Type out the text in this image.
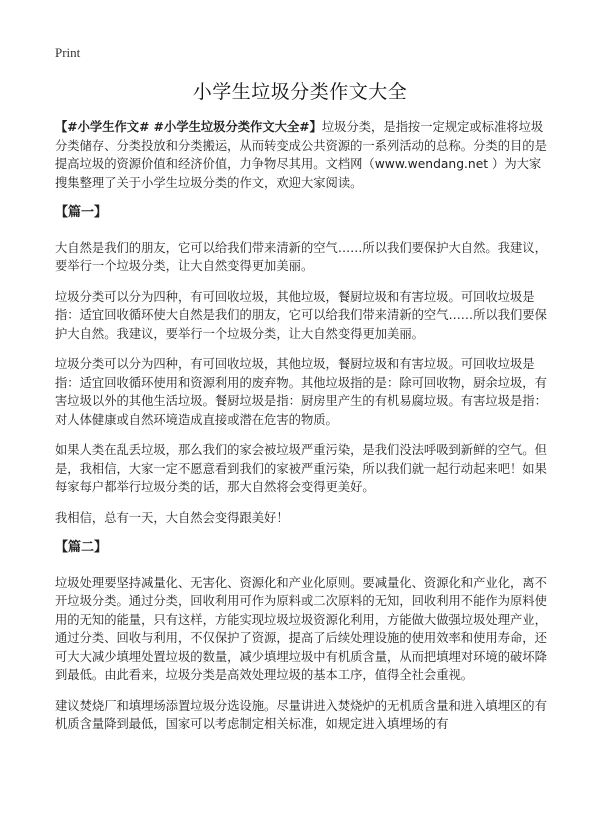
Print
小学生垃圾分类作文大全

【#小学生作文# #小学生垃圾分类作文大全#】垃圾分类，是指按一定规定或标准将垃圾分类储存、分类投放和分类搬运，从而转变成公共资源的一系列活动的总称。分类的目的是提高垃圾的资源价值和经济价值，力争物尽其用。文档网（www.wendang.net ）为大家搜集整理了关于小学生垃圾分类的作文，欢迎大家阅读。

【篇一】

大自然是我们的朋友，它可以给我们带来清新的空气……所以我们要保护大自然。我建议，要举行一个垃圾分类，让大自然变得更加美丽。

垃圾分类可以分为四种，有可回收垃圾，其他垃圾，餐厨垃圾和有害垃圾。可回收垃圾是指：适宜回收循环使大自然是我们的朋友，它可以给我们带来清新的空气……所以我们要保护大自然。我建议，要举行一个垃圾分类，让大自然变得更加美丽。

垃圾分类可以分为四种，有可回收垃圾，其他垃圾，餐厨垃圾和有害垃圾。可回收垃圾是指：适宜回收循环使用和资源利用的废弃物。其他垃圾指的是：除可回收物，厨余垃圾，有害垃圾以外的其他生活垃圾。餐厨垃圾是指：厨房里产生的有机易腐垃圾。有害垃圾是指：对人体健康或自然环境造成直接或潜在危害的物质。

如果人类在乱丢垃圾，那么我们的家会被垃圾严重污染，是我们没法呼吸到新鲜的空气。但是，我相信，大家一定不愿意看到我们的家被严重污染，所以我们就一起行动起来吧！如果每家每户都举行垃圾分类的话，那大自然将会变得更美好。

我相信，总有一天，大自然会变得跟美好！

【篇二】

垃圾处理要坚持减量化、无害化、资源化和产业化原则。要减量化、资源化和产业化，离不开垃圾分类。通过分类，回收利用可作为原料或二次原料的无知，回收利用不能作为原料使用的无知的能量，只有这样，方能实现垃圾垃圾资源化利用，方能做大做强垃圾处理产业，通过分类、回收与利用，不仅保护了资源，提高了后续处理设施的使用效率和使用寿命，还可大大减少填埋处置垃圾的数量，减少填埋垃圾中有机质含量，从而把填埋对环境的破坏降到最低。由此看来，垃圾分类是高效处理垃圾的基本工序，值得全社会重视。

建议焚烧厂和填埋场添置垃圾分选设施。尽量讲进入焚烧炉的无机质含量和进入填埋区的有机质含量降到最低，国家可以考虑制定相关标准，如规定进入填埋场的有
